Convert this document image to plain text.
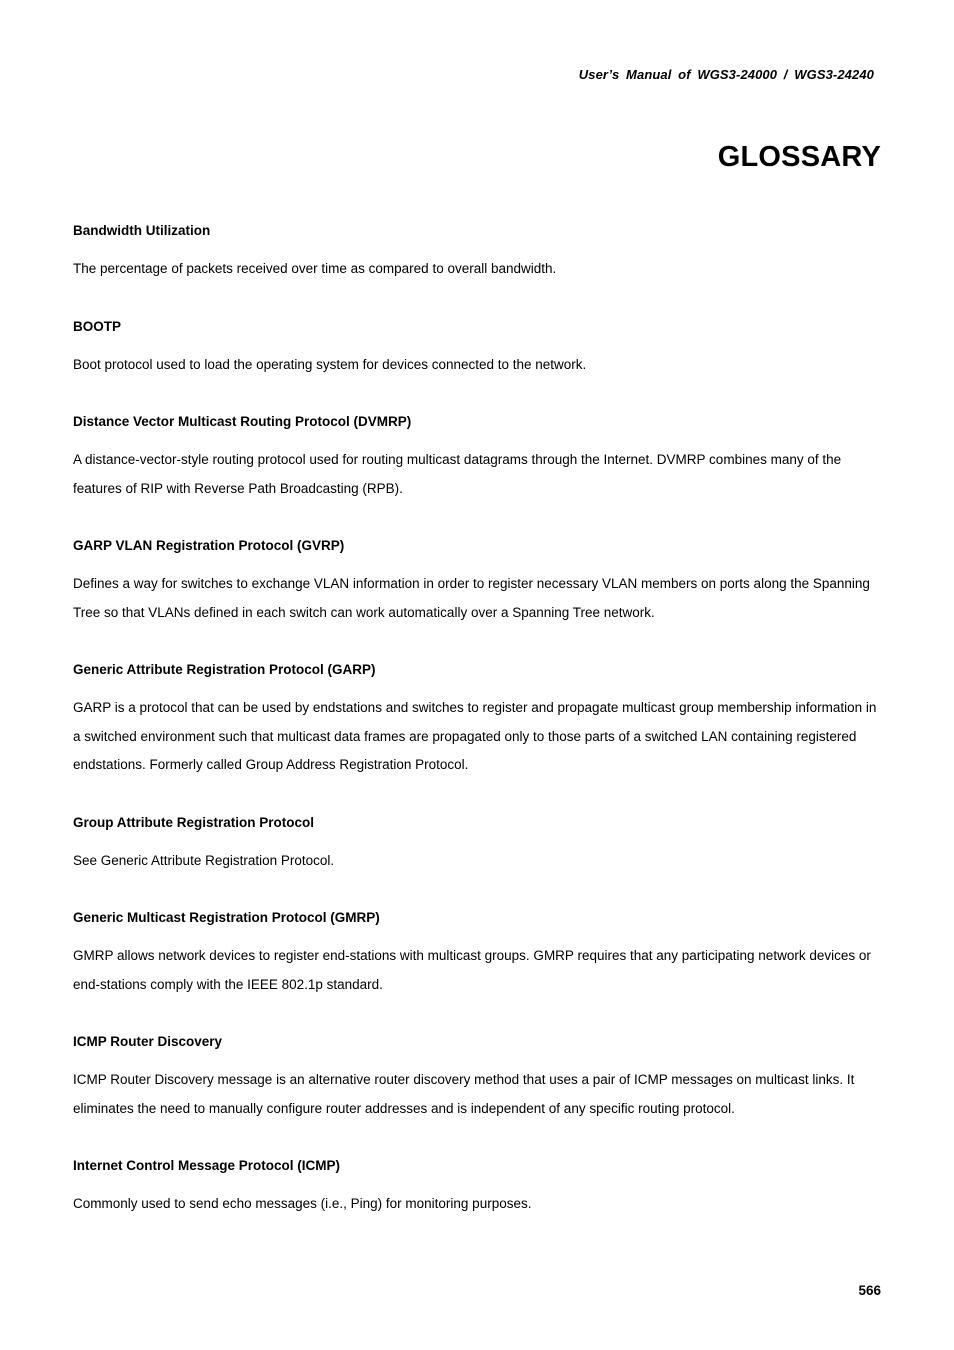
User’s Manual of WGS3-24000 / WGS3-24240
GLOSSARY

Bandwidth Utilization

The percentage of packets received over time as compared to overall bandwidth.

BOOTP

Boot protocol used to load the operating system for devices connected to the network.

Distance Vector Multicast Routing Protocol (DVMRP)

A distance-vector-style routing protocol used for routing multicast datagrams through the Internet. DVMRP combines many of the features of RIP with Reverse Path Broadcasting (RPB).

GARP VLAN Registration Protocol (GVRP)

Defines a way for switches to exchange VLAN information in order to register necessary VLAN members on ports along the Spanning Tree so that VLANs defined in each switch can work automatically over a Spanning Tree network.

Generic Attribute Registration Protocol (GARP)

GARP is a protocol that can be used by endstations and switches to register and propagate multicast group membership information in a switched environment such that multicast data frames are propagated only to those parts of a switched LAN containing registered endstations. Formerly called Group Address Registration Protocol.

Group Attribute Registration Protocol

See Generic Attribute Registration Protocol.

Generic Multicast Registration Protocol (GMRP)

GMRP allows network devices to register end-stations with multicast groups. GMRP requires that any participating network devices or end-stations comply with the IEEE 802.1p standard.

ICMP Router Discovery

ICMP Router Discovery message is an alternative router discovery method that uses a pair of ICMP messages on multicast links. It eliminates the need to manually configure router addresses and is independent of any specific routing protocol.

Internet Control Message Protocol (ICMP)

Commonly used to send echo messages (i.e., Ping) for monitoring purposes.

566
